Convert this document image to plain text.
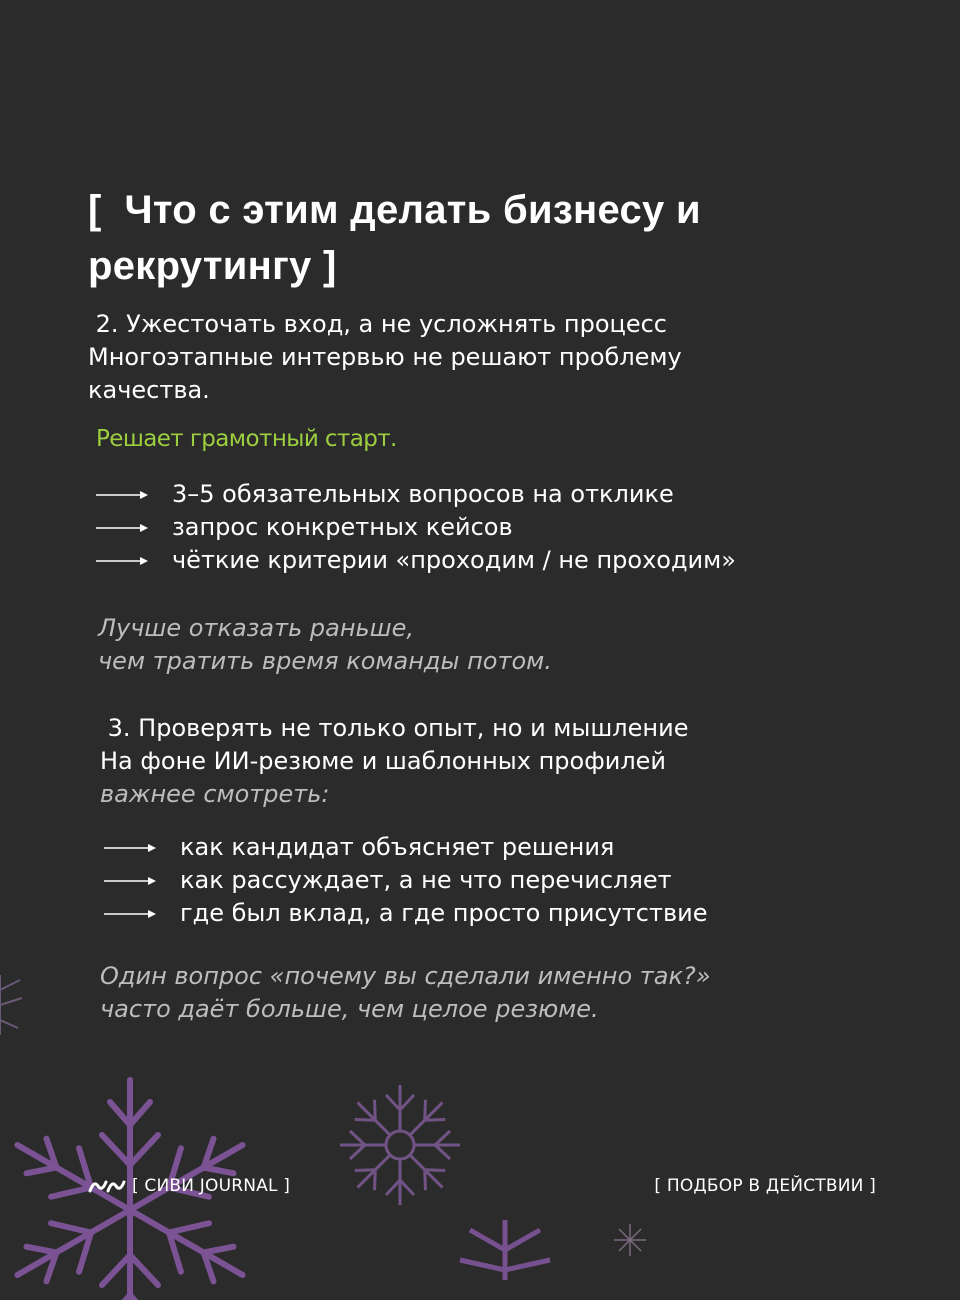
[  Что с этим делать бизнесу и
рекрутингу ]
2. Ужесточать вход, а не усложнять процесс
Многоэтапные интервью не решают проблему
качества.
Решает грамотный старт.
3–5 обязательных вопросов на отклике
запрос конкретных кейсов
чёткие критерии «проходим / не проходим»
Лучше отказать раньше,
чем тратить время команды потом.
3. Проверять не только опыт, но и мышление
На фоне ИИ-резюме и шаблонных профилей
важнее смотреть:
как кандидат объясняет решения
как рассуждает, а не что перечисляет
где был вклад, а где просто присутствие
Один вопрос «почему вы сделали именно так?»
часто даёт больше, чем целое резюме.
[ СИВИ JOURNAL ]	[ ПОДБОР В ДЕЙСТВИИ ]
